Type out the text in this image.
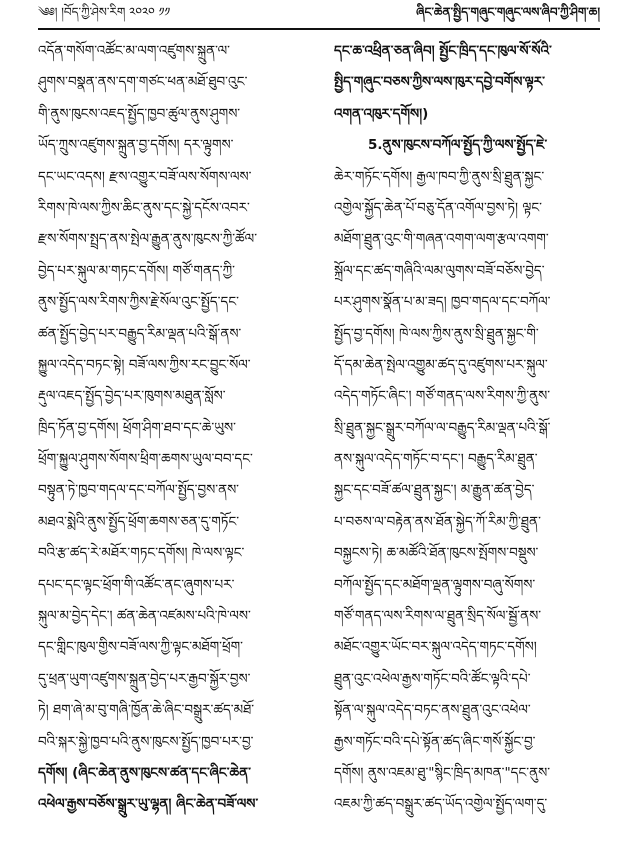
༄༅། །བོད་ཀྱི་ཤེས་རིག ༢༠༢༠ ༡༡	ཞིང་ཆེན་སྤྱིད་གཞུང་གཞུང་ལས་ཞིབ་ཀྱི་ཤིག་ཆ།
འདོན་གསོག་འཚོང་མ་ལག་འཛུགས་སྐྲུན་ལ་
ཤུགས་བསྣན་ནས་དག་གཙང་ཕན་མཐོ་ཐུབ་འུང་
གི་ནུས་ཁུངས་འཇད་སྤྱོད་ཁྱབ་ཚུལ་ནུས་ཤུགས་
ཡོད་ཀྲུས་འཛུགས་སྐྲུན་བྱ་དགོས། དར་ལྟུགས་
དང་ཡང་འདས། རྫས་འགྱུར་བཟོ་ལས་སོགས་ལས་
རིགས་ཁེ་ལས་ཀྱིས་ཆིང་ནུས་དང་སྐྱེ་དངོས་འབར་
རྫས་སོགས་སྤྲད་ནས་སྤེལ་རྒྱུན་ནུས་ཁུངས་ཀྱི་ཚོལ་
བྱེད་པར་སྐུལ་མ་གཏང་དགོས། གཙོ་གནད་ཀྱི་
ནུས་སྤྱོད་ལས་རིགས་ཀྱིས་རྗེ་སོལ་འུང་སྤྱོད་དང་
ཚན་སྤྱོད་བྱེད་པར་བརྒྱུད་རིམ་ལྡན་པའི་སྒོ་ནས་
སྐྱུལ་འདེད་བཏང་སྟེ། བཟོ་ལས་ཀྱིས་རང་བྱུང་སོལ་
རྡུལ་འཇད་སྤྱོད་བྱེད་པར་ཁུགས་མཐུན་སློས་
ཁྲིད་ཏོན་བྱ་དགོས། ཕྲོག་ཤིག་ཐབ་དང་ཆེ་ཡུས་
ཕྲོག་སྐྱུལ་ཤུགས་སོགས་ཕྲིག་ཆགས་ཡུལ་བབ་དང་
བསྟུན་ཏེ་ཁྱབ་གདལ་དང་བཀོལ་སྤྱོད་བྱས་ནས་
མཐའ་སྨེའི་ནུས་སྤྱོད་ཕྲོག་ཆགས་ཅན་དུ་གཏོང་
བའི་རྩ་ཚད་རེ་མཐོར་གཏང་དགོས། ཁེ་ལས་ལྟང་
དཔང་དང་ལྟང་ཕྲོག་གི་འཚོང་ནང་ཞུགས་པར་
སྐུལ་མ་བྱེད་དེང་། ཚན་ཆེན་འཛམས་པའི་ཁེ་ལས་
དང་གླིང་ཁུལ་གྱིས་བཟོ་ལས་ཀྱི་ལྟང་མཐོག་ཕྲོག་
དུ་ཕྲན་ཡུག་འཛུགས་སྐྲུན་བྱེད་པར་རྒྱབ་སྐྱོར་བྱས་
ཏེ། ཐག་ཞེ་མ་བུ་གཞི་ཁྱོན་ཆེ་ཞིང་བསྒྲུར་ཚད་མཐོ་
བའི་སྐར་སྐྱེ་ཁྱབ་པའི་ནུས་ཁུངས་སྤྱོད་ཁྱབ་པར་བྱ་
དགོས། (ཞིང་ཆེན་ནུས་ཁུངས་ཚན་དང་ཞིང་ཆེན་
འཕེལ་རྒྱས་བཅོས་སྒྲུར་ཡུ་ལྷན། ཞིང་ཆེན་བཟོ་ལས་
དང་ཆ་འཕྲིན་ཅན་ཞིབ། སྤྱོང་ཁྲིད་དང་ཁུལ་སོ་སོའི་
སྤྱིད་གཞུང་བཅས་ཀྱིས་ལས་ཁུར་དབྱེ་བགོས་ལྟར་
འགན་འཁུར་དགོས།)
5.ནུས་ཁུངས་བཀོལ་སྤྱོད་ཀྱི་ལས་སྤྱོད་ཇེ་
ཆེར་གཏོང་དགོས། རྒྱལ་ཁབ་ཀྱི་ནུས་སྲི་ཐྲུན་སྐྱང་
འགྱེལ་སྐྱོད་ཆེན་པོ་བཅུ་དོན་འགོལ་བྱས་ཏེ། ལྟང་
མཐོག་ཐྲུན་འུང་གི་གཞན་འགག་ལག་རྩལ་འགག་
སྐྲོལ་དང་ཚད་གཞིའི་ལམ་ལུགས་བཟོ་བཅོས་བྱེད་
པར་ཤུགས་སྣོན་པ་མ་ཟད། ཁྱབ་གདལ་དང་བཀོལ་
སྤྱོད་བྱ་དགོས། ཁེ་ལས་ཀྱིས་ནུས་སྲི་ཐྲུན་སྐྱང་གི་
དོ་དམ་ཆེན་སྤེལ་འགྱུམ་ཚད་དུ་འཛུགས་པར་སྐུལ་
འདེད་གཏོང་ཞིང་། གཙོ་གནད་ལས་རིགས་ཀྱི་ནུས་
སྲི་ཐྲུན་སྐྱང་སྒྲུར་བཀོལ་ལ་བརྒྱུད་རིམ་ལྡན་པའི་སྒོ་
ནས་སྐུལ་འདེད་གཏོང་བ་དང་། བརྒྱུད་རིམ་ཐྲུན་
སྐྱང་དང་བཟོ་ཚལ་ཐྲུན་སྐྱང་། མ་རྒྱུན་ཚན་བྱེད་
པ་བཅས་ལ་བརྟེན་ནས་ཐོན་སྐྱེད་ཀོ་རིམ་ཀྱི་ཐྲུན་
བསྐྱངས་ཏེ། ཆ་མཚོའི་ཐོན་ཁུངས་སྤོགས་བསྡུས་
བཀོལ་སྤྱོད་དང་མཐོག་ལྡན་ལྟུགས་བཞུ་སོགས་
གཙོ་གནད་ལས་རིགས་ལ་ཐྲུན་སྲིད་སོལ་སྦྱོ་ནས་
མཐོང་འགྱུར་ཡོང་བར་སྐུལ་འདེད་གཏང་དགོས།
ཐྲུན་འུང་འཕེལ་རྒྱས་གཏོང་བའི་ཚོང་ལྟའི་དཔེ་
སྟོན་ལ་སྐུལ་འདེད་བཏང་ནས་ཐྲུན་འུང་འཕེལ་
རྒྱས་གཏོང་བའི་དཔེ་སྟོན་ཚད་ཞིང་གསོ་སྐྱོང་བྱ་
དགོས། ནུས་འཇམ་ཐུ་"སྙིང་ཁྲིད་མཁན་"དང་ནུས་
འཇམ་ཀྱི་ཚད་བསྒྲུར་ཚད་ཡོད་འགྱེལ་སྤྱོད་ལག་དུ་
